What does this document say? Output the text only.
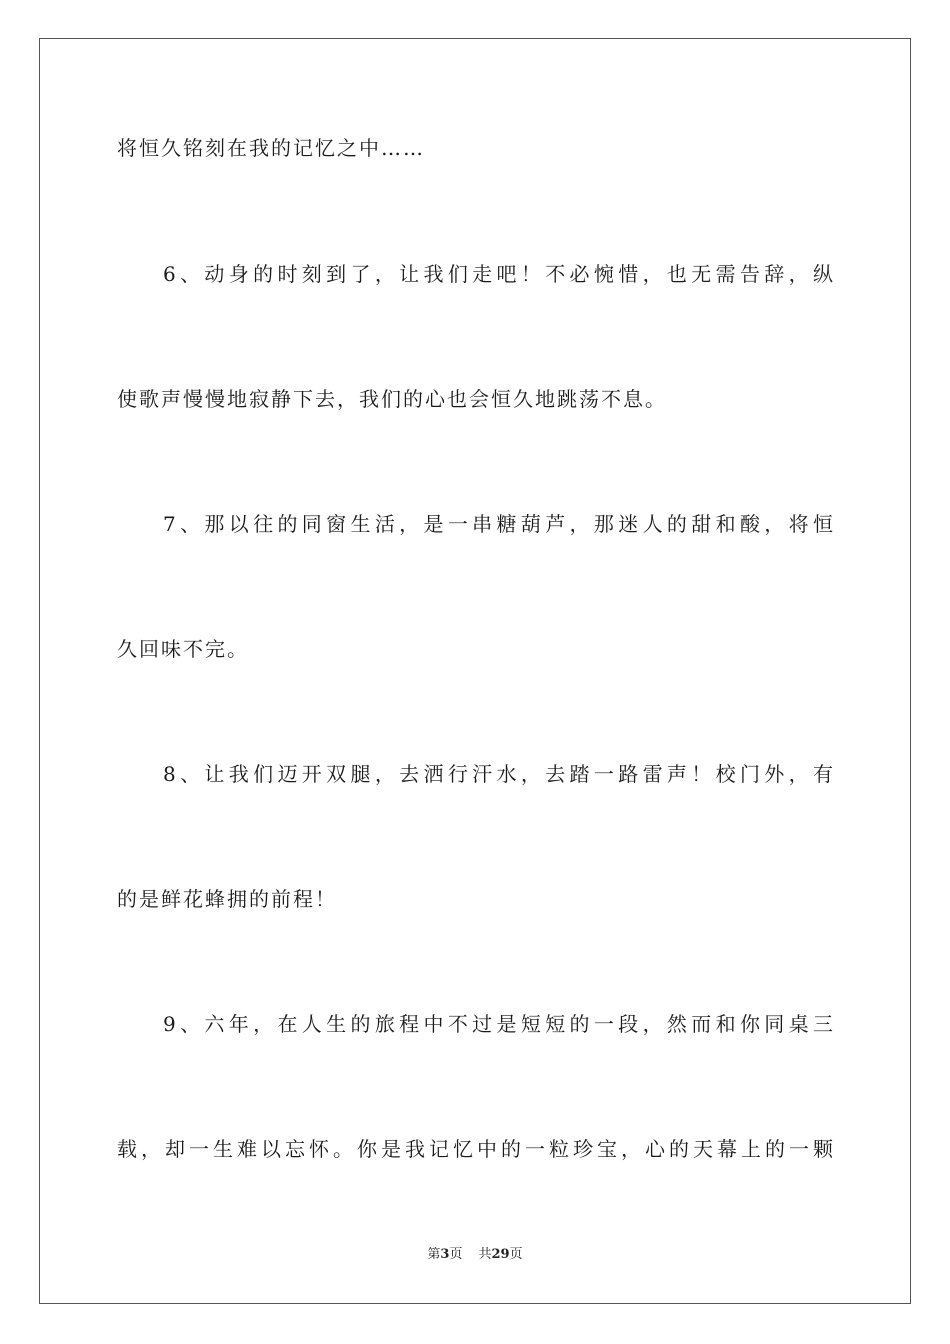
将恒久铭刻在我的记忆之中……
6、动身的时刻到了，让我们走吧！不必惋惜，也无需告辞，纵
使歌声慢慢地寂静下去，我们的心也会恒久地跳荡不息。
7、那以往的同窗生活，是一串糖葫芦，那迷人的甜和酸，将恒
久回味不完。
8、让我们迈开双腿，去洒行汗水，去踏一路雷声！校门外，有
的是鲜花蜂拥的前程！
9、六年，在人生的旅程中不过是短短的一段，然而和你同桌三
载，却一生难以忘怀。你是我记忆中的一粒珍宝，心的天幕上的一颗
第3页 共29页
